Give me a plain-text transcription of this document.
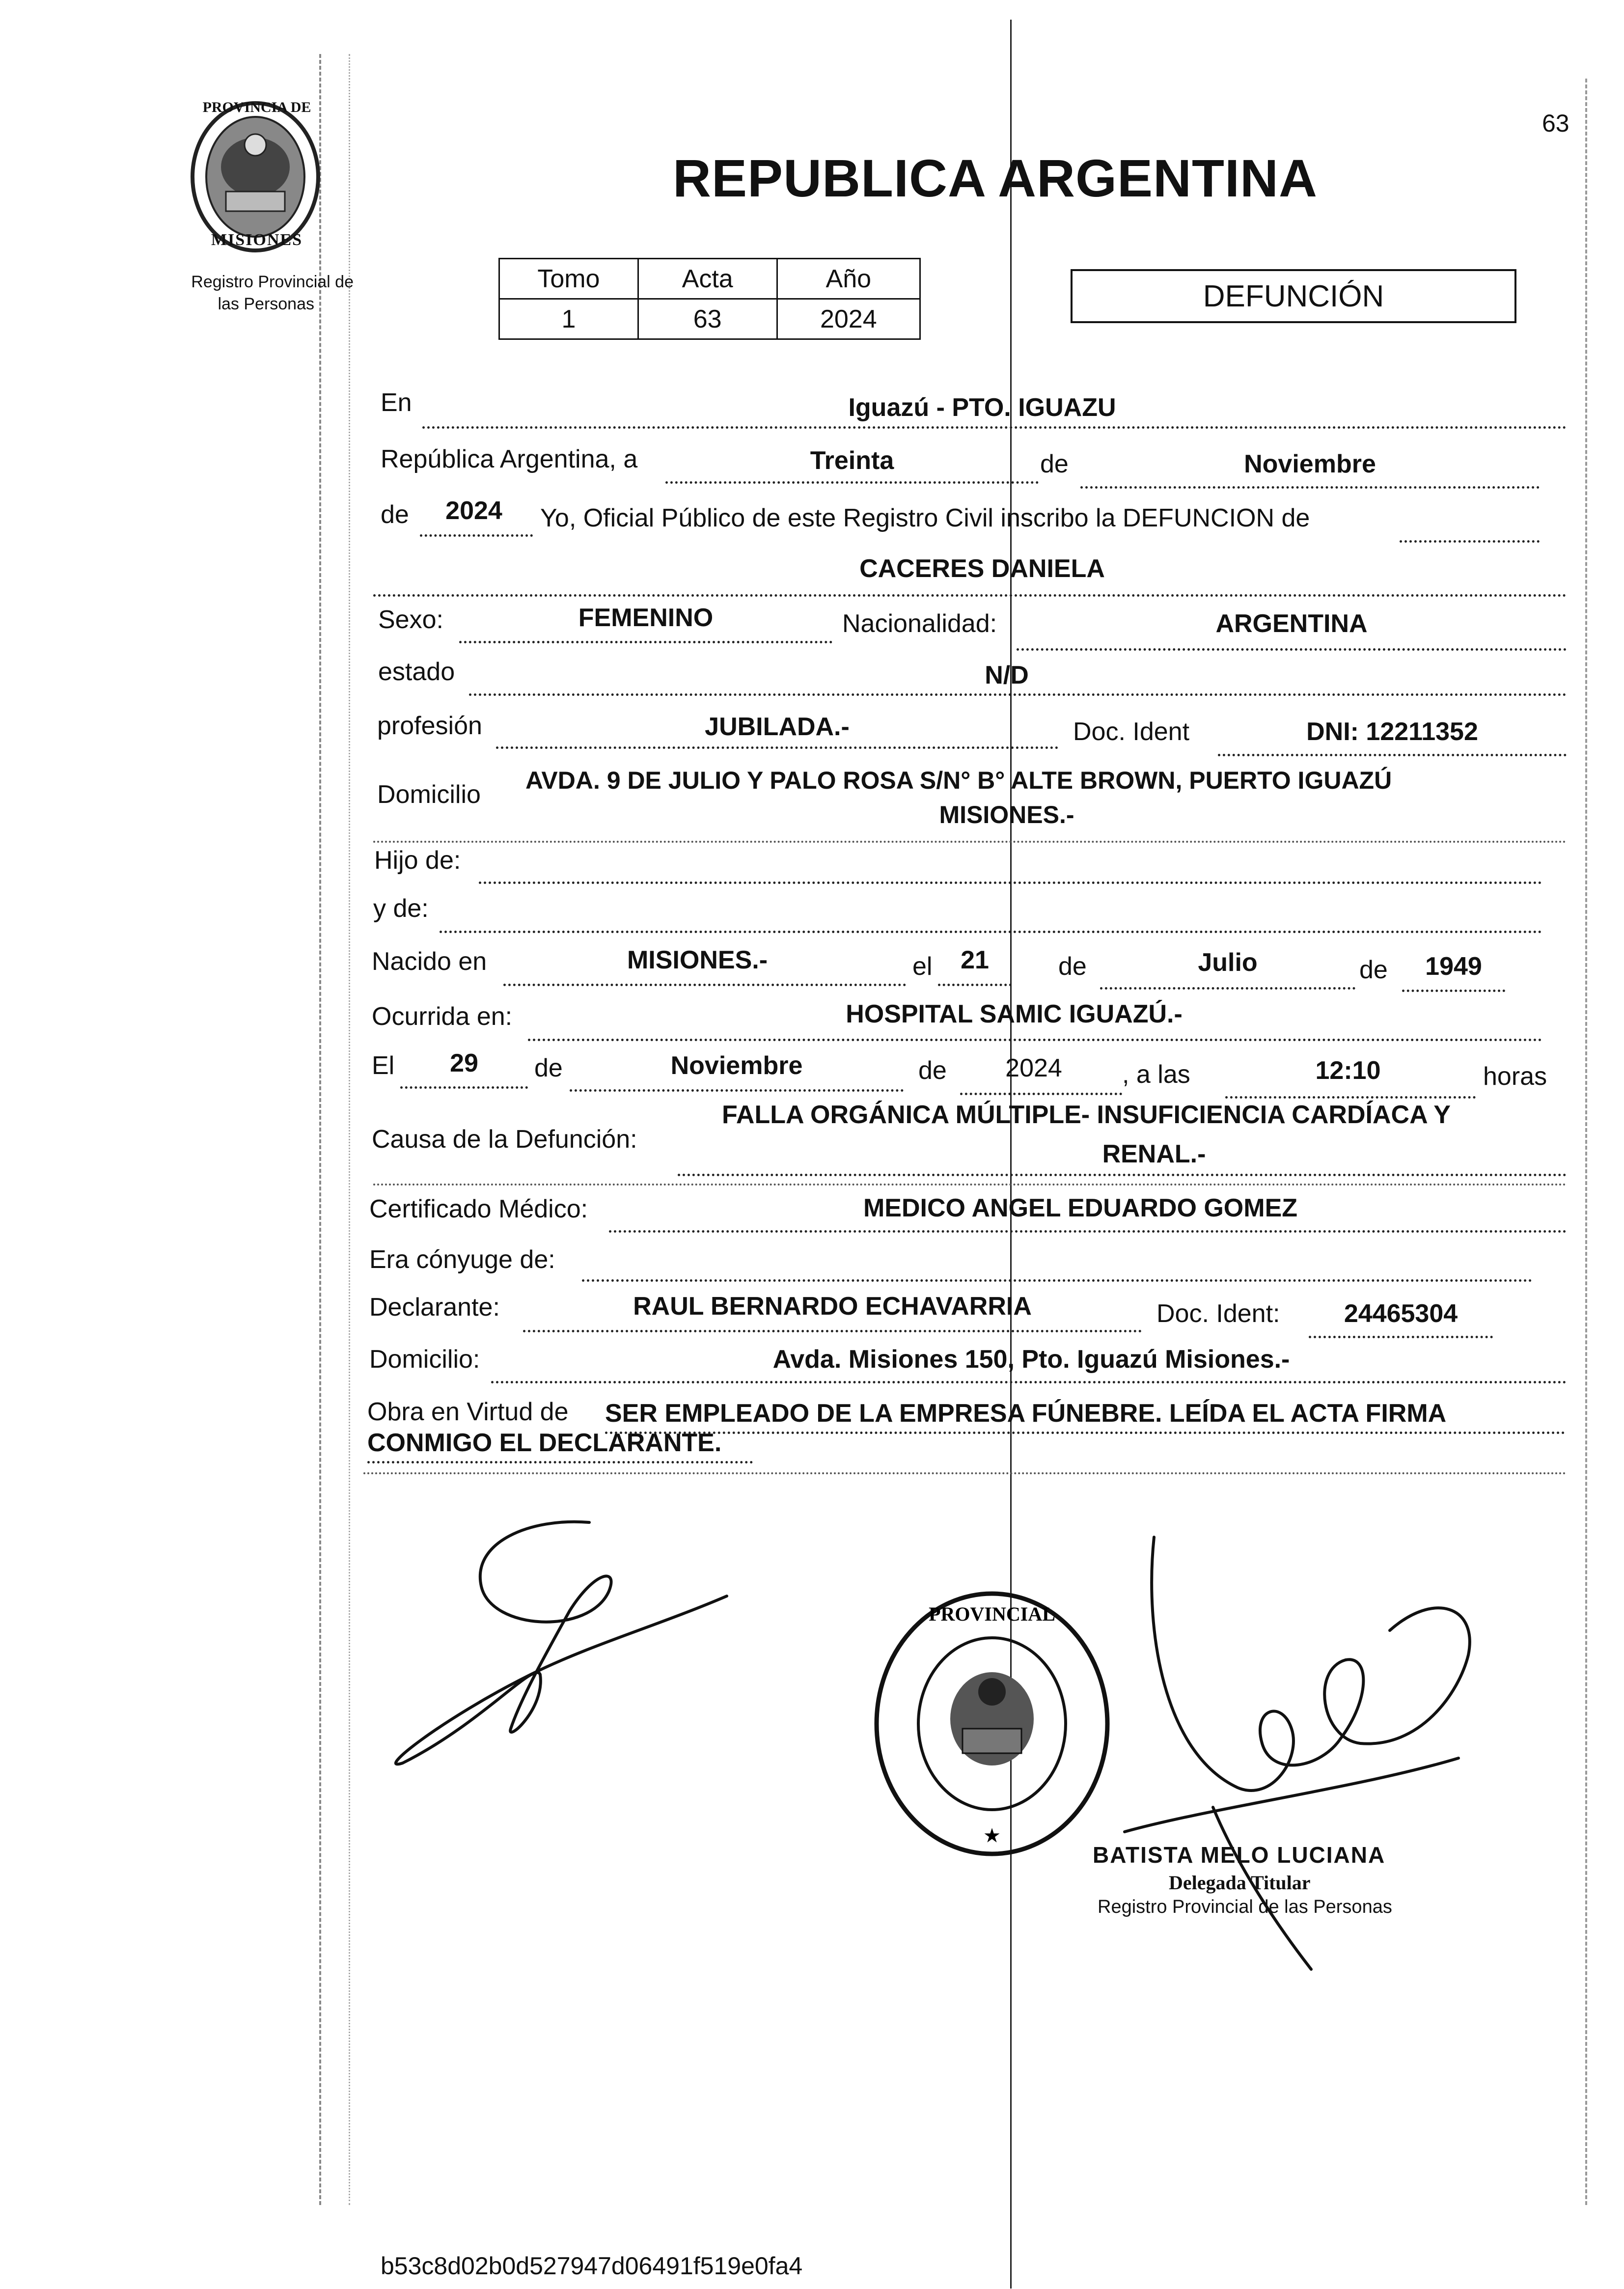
63
PROVINCIA DE
MISIONES
Registro Provincial de
las Personas
REPUBLICA ARGENTINA
Tomo	Acta	Año
1	63	2024
DEFUNCIÓN
En	Iguazú - PTO. IGUAZU
República Argentina, a	Treinta	de	Noviembre
de	2024	Yo, Oficial Público de este Registro Civil inscribo la DEFUNCION de
CACERES DANIELA
Sexo:	FEMENINO	Nacionalidad:	ARGENTINA
estado	N/D
profesión	JUBILADA.-	Doc. Ident	DNI: 12211352
Domicilio AVDA. 9 DE JULIO Y PALO ROSA S/N° B° ALTE BROWN, PUERTO IGUAZÚ
MISIONES.-
Hijo de:
y de:
Nacido en	MISIONES.-	el	21	de	Julio	de	1949
Ocurrida en:	HOSPITAL SAMIC IGUAZÚ.-
El	29	de	Noviembre	de	2024	, a las	12:10	horas
Causa de la Defunción:
FALLA ORGÁNICA MÚLTIPLE- INSUFICIENCIA CARDÍACA Y
RENAL.-
Certificado Médico:	MEDICO ANGEL EDUARDO GOMEZ
Era cónyuge de:
Declarante:	RAUL BERNARDO ECHAVARRIA	Doc. Ident:	24465304
Domicilio:	Avda. Misiones 150, Pto. Iguazú Misiones.-
Obra en Virtud de SER EMPLEADO DE LA EMPRESA FÚNEBRE. LEÍDA EL ACTA FIRMA
CONMIGO EL DECLARANTE.
PROVINCIAL
★
BATISTA MELO LUCIANA
Delegada Titular
Registro Provincial de las Personas
b53c8d02b0d527947d06491f519e0fa4
